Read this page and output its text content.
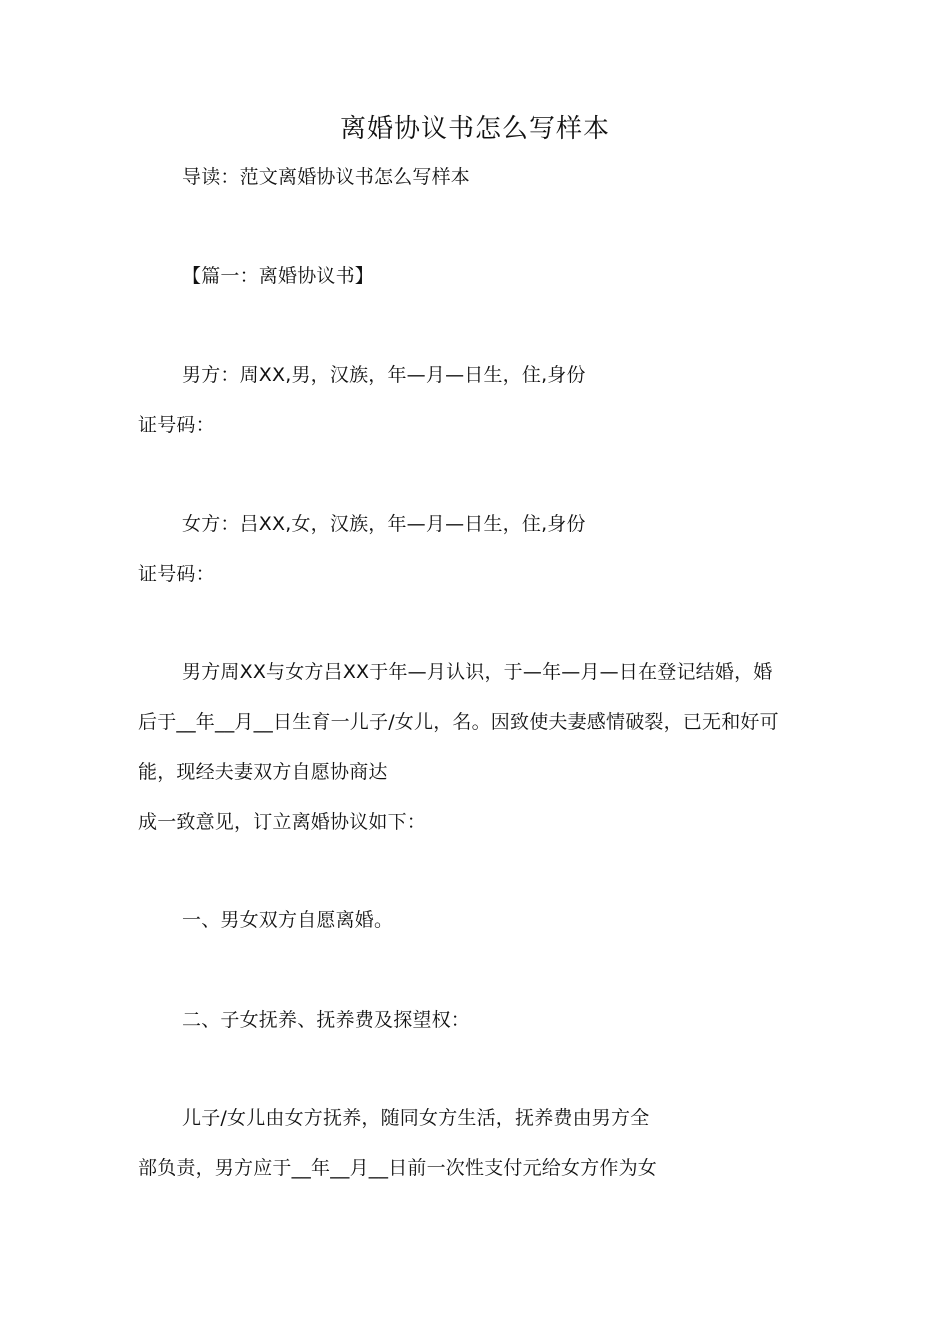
离婚协议书怎么写样本
导读：范文离婚协议书怎么写样本
【篇一：离婚协议书】
男方：周XX,男，汉族，年—月—日生，住,身份
证号码：
女方：吕XX,女，汉族，年—月—日生，住,身份
证号码：
男方周XX与女方吕XX于年—月认识，于—年—月—日在登记结婚，婚
后于__年__月__日生育一儿子/女儿，名。因致使夫妻感情破裂，已无和好可
能，现经夫妻双方自愿协商达
成一致意见，订立离婚协议如下：
一、男女双方自愿离婚。
二、子女抚养、抚养费及探望权：
儿子/女儿由女方抚养，随同女方生活，抚养费由男方全
部负责，男方应于__年__月__日前一次性支付元给女方作为女
